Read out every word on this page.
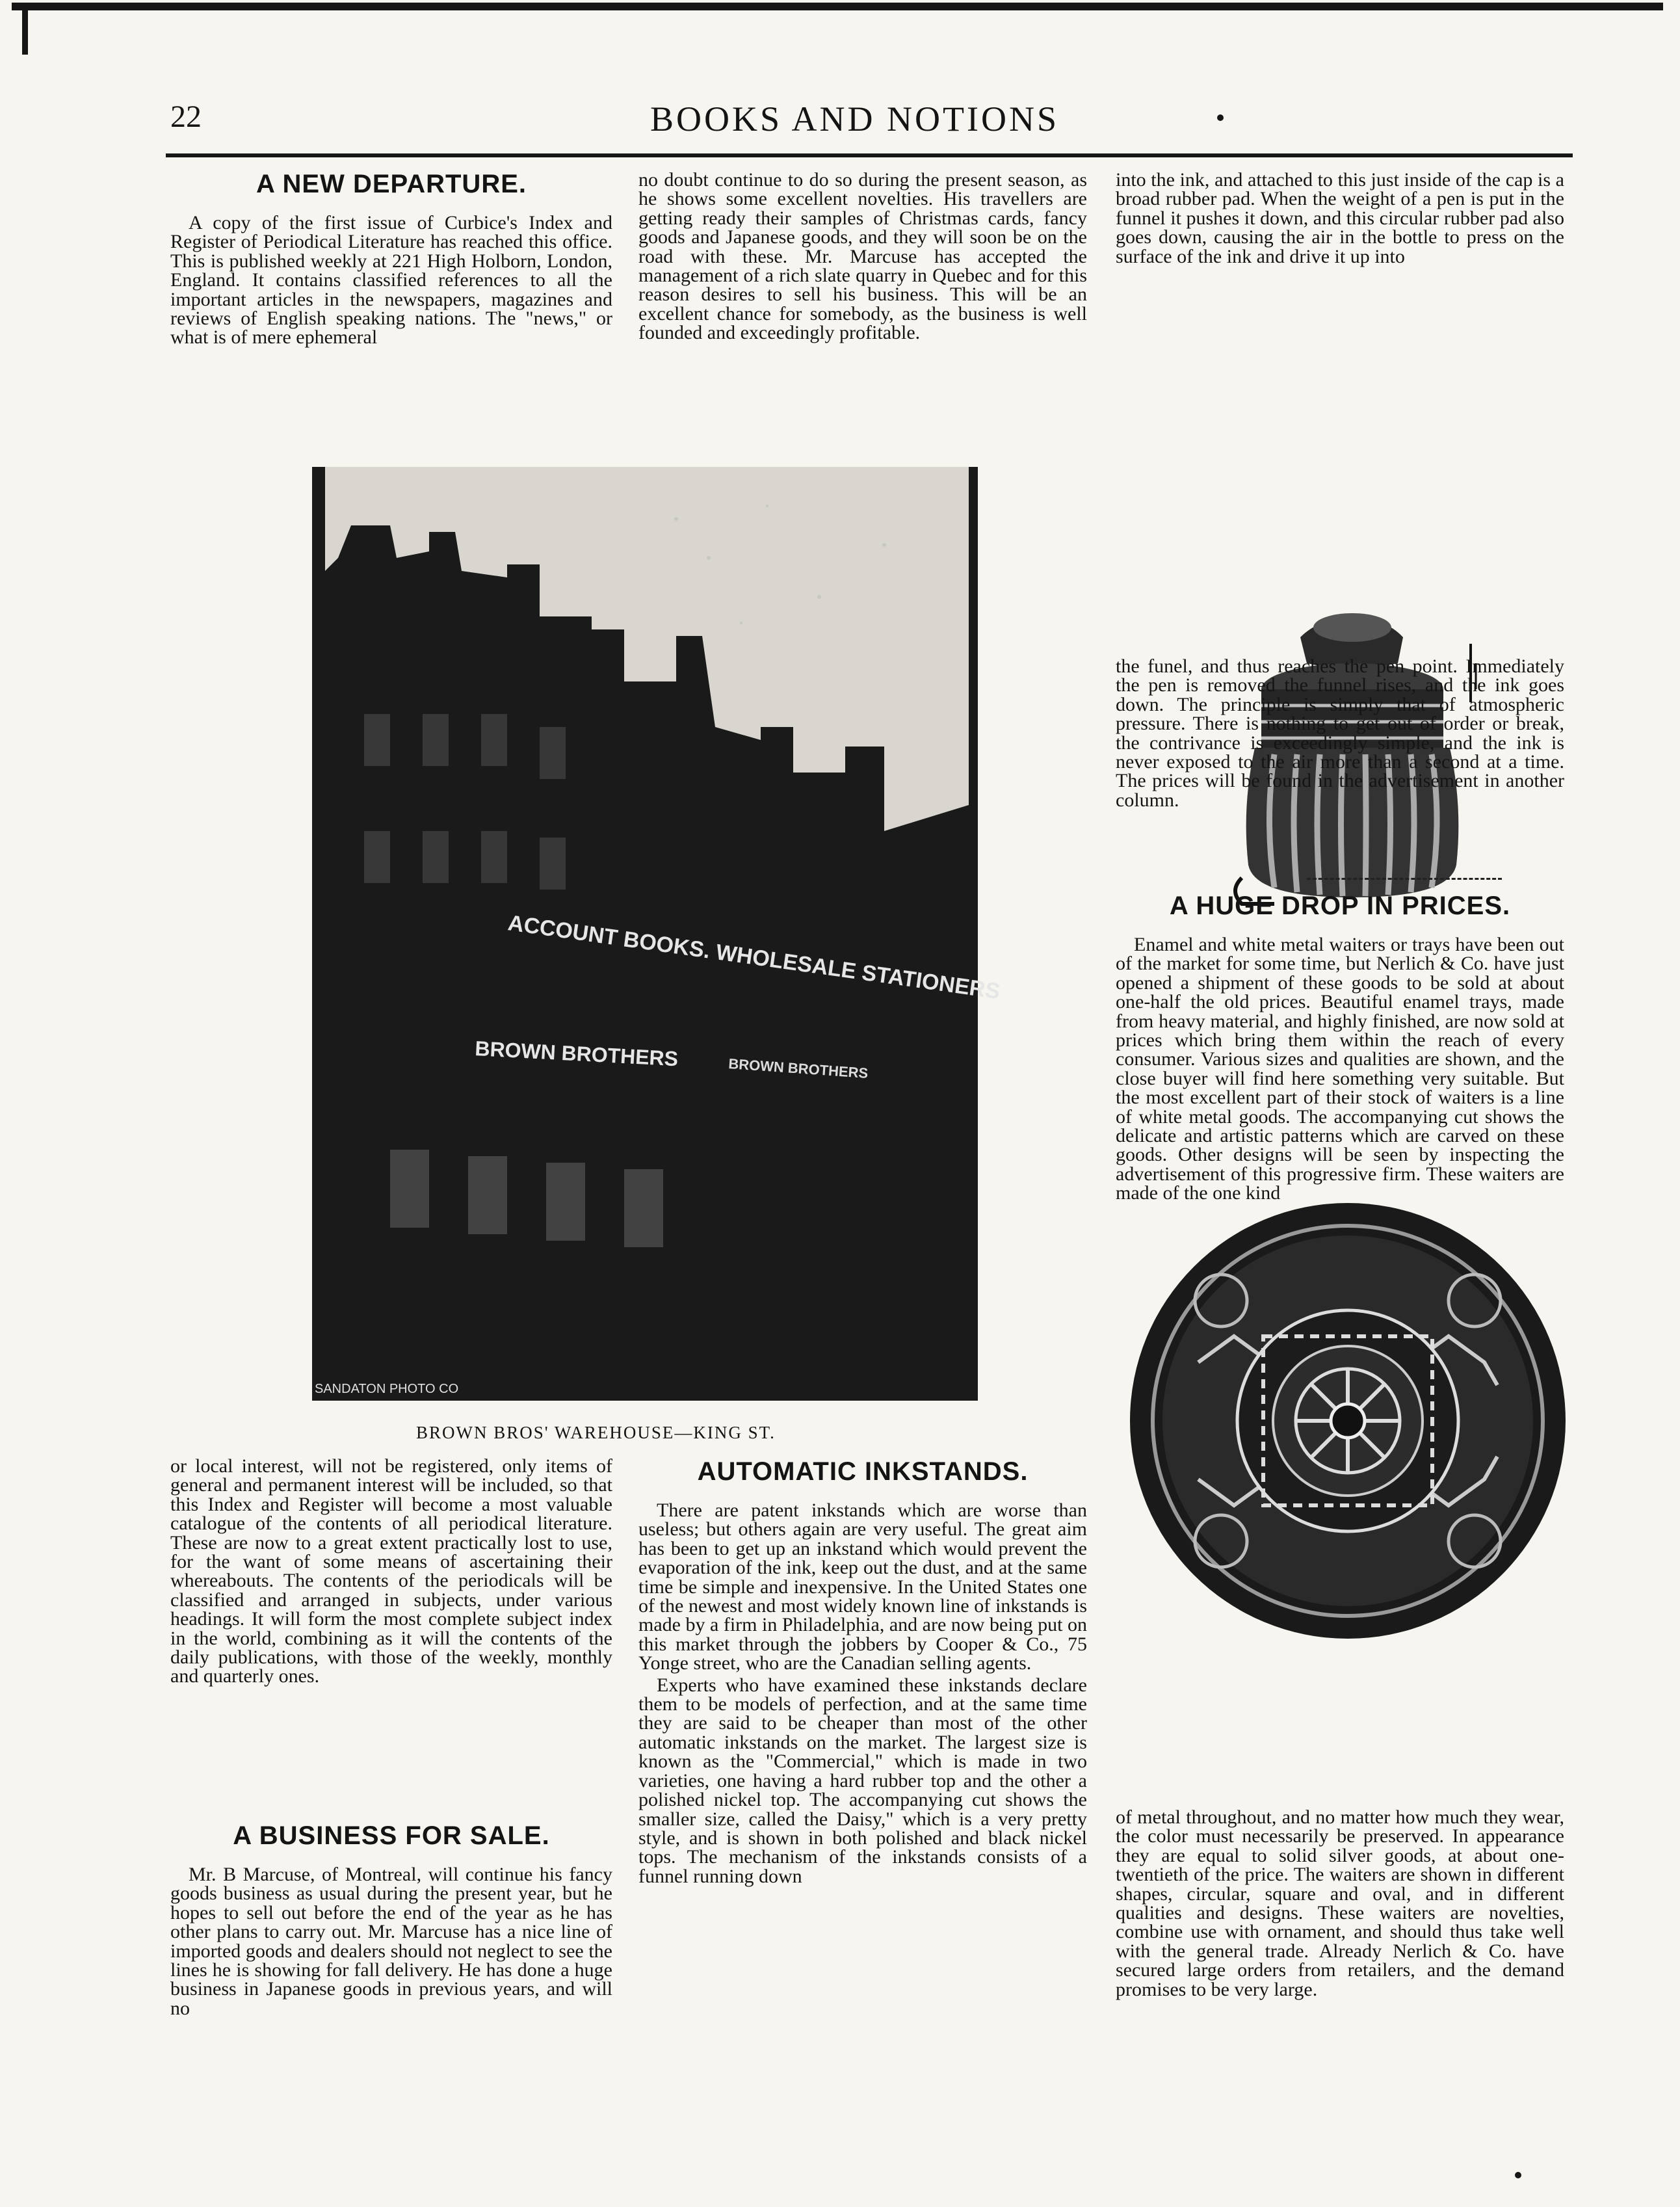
22	BOOKS AND NOTIONS
A NEW DEPARTURE.

A copy of the first issue of Curbice's Index and Register of Periodical Literature has reached this office. This is published weekly at 221 High Holborn, London, England. It contains classified references to all the important articles in the newspapers, magazines and reviews of English speaking nations. The "news," or what is of mere ephemeral

no doubt continue to do so during the present season, as he shows some excellent novelties. His travellers are getting ready their samples of Christmas cards, fancy goods and Japanese goods, and they will soon be on the road with these. Mr. Marcuse has accepted the management of a rich slate quarry in Quebec and for this reason desires to sell his business. This will be an excellent chance for somebody, as the business is well founded and exceedingly profitable.

into the ink, and attached to this just inside of the cap is a broad rubber pad. When the weight of a pen is put in the funnel it pushes it down, and this circular rubber pad also goes down, causing the air in the bottle to press on the surface of the ink and drive it up into

the funel, and thus reaches the pen point. Immediately the pen is removed the funnel rises, and the ink goes down. The principle is simply that of atmospheric pressure. There is nothing to get out of order or break, the contrivance is exceedingly simple, and the ink is never exposed to the air more than a second at a time. The prices will be found in the advertisement in another column.

A HUGE DROP IN PRICES.

Enamel and white metal waiters or trays have been out of the market for some time, but Nerlich & Co. have just opened a shipment of these goods to be sold at about one-half the old prices. Beautiful enamel trays, made from heavy material, and highly finished, are now sold at prices which bring them within the reach of every consumer. Various sizes and qualities are shown, and the close buyer will find here something very suitable. But the most excellent part of their stock of waiters is a line of white metal goods. The accompanying cut shows the delicate and artistic patterns which are carved on these goods. Other designs will be seen by inspecting the advertisement of this progressive firm. These waiters are made of the one kind

ACCOUNT BOOKS. WHOLESALE STATIONERS
BROWN BROTHERS	BROWN BROTHERS
SANDATON PHOTO CO
BROWN BROS' WAREHOUSE—KING ST.

or local interest, will not be registered, only items of general and permanent interest will be included, so that this Index and Register will become a most valuable catalogue of the contents of all periodical literature. These are now to a great extent practically lost to use, for the want of some means of ascertaining their whereabouts. The contents of the periodicals will be classified and arranged in subjects, under various headings. It will form the most complete subject index in the world, combining as it will the contents of the daily publications, with those of the weekly, monthly and quarterly ones.

A BUSINESS FOR SALE.

Mr. B Marcuse, of Montreal, will continue his fancy goods business as usual during the present year, but he hopes to sell out before the end of the year as he has other plans to carry out. Mr. Marcuse has a nice line of imported goods and dealers should not neglect to see the lines he is showing for fall delivery. He has done a huge business in Japanese goods in previous years, and will no

AUTOMATIC INKSTANDS.

There are patent inkstands which are worse than useless; but others again are very useful. The great aim has been to get up an inkstand which would prevent the evaporation of the ink, keep out the dust, and at the same time be simple and inexpensive. In the United States one of the newest and most widely known line of inkstands is made by a firm in Philadelphia, and are now being put on this market through the jobbers by Cooper & Co., 75 Yonge street, who are the Canadian selling agents.

Experts who have examined these inkstands declare them to be models of perfection, and at the same time they are said to be cheaper than most of the other automatic inkstands on the market. The largest size is known as the "Commercial," which is made in two varieties, one having a hard rubber top and the other a polished nickel top. The accompanying cut shows the smaller size, called the Daisy," which is a very pretty style, and is shown in both polished and black nickel tops. The mechanism of the inkstands consists of a funnel running down

of metal throughout, and no matter how much they wear, the color must necessarily be preserved. In appearance they are equal to solid silver goods, at about one-twentieth of the price. The waiters are shown in different shapes, circular, square and oval, and in different qualities and designs. These waiters are novelties, combine use with ornament, and should thus take well with the general trade. Already Nerlich & Co. have secured large orders from retailers, and the demand promises to be very large.
